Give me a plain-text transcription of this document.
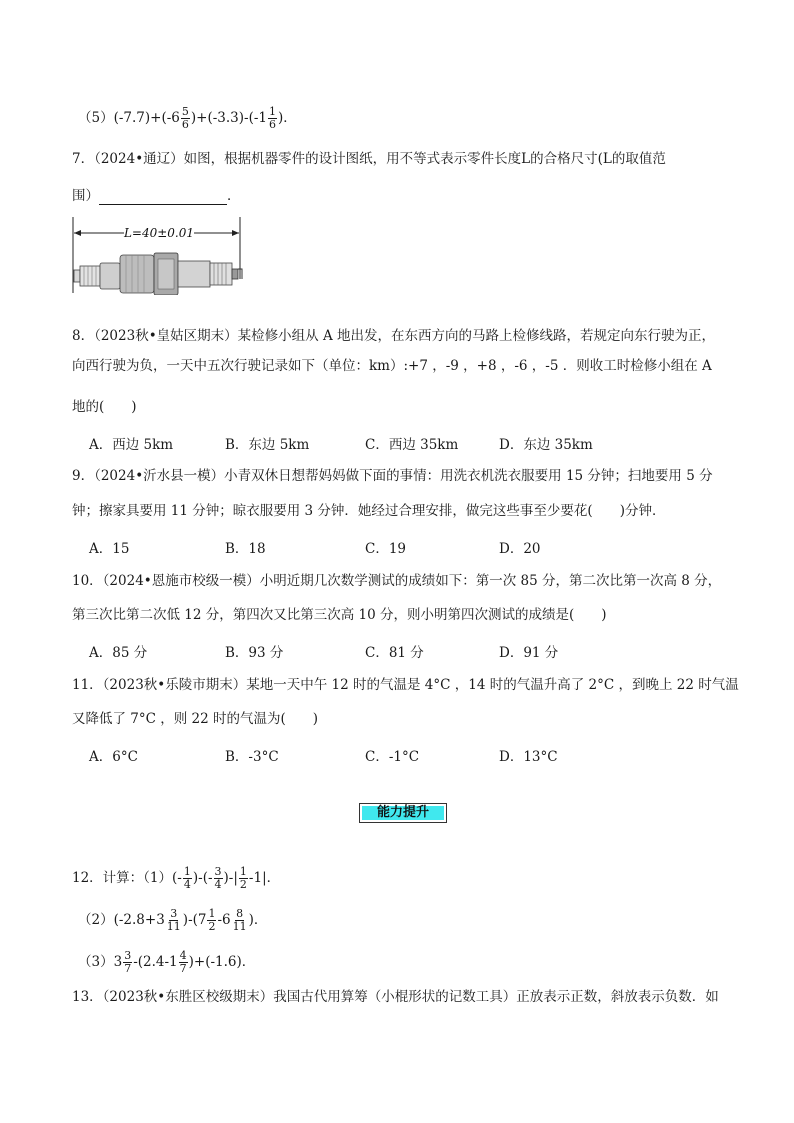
$(5)(-7.7)+(-6 \frac{5}{6} )+(-3.3)-(-1 \frac{1}{6}$ )．
7．（2024•通辽）如图，根据机器零件的设计图纸，用不等式表示零件长度L的合格尺寸(L的取值范
围）	．
L=40±0.01
8．（2023秋•皇姑区期末）某检修小组从 A 地出发，在东西方向的马路上检修线路，若规定向东行驶为正，
向西行驶为负，一天中五次行驶记录如下（单位：km）:+7 ，-9 ，+8 ，-6 ，-5 ．则收工时检修小组在 A
地的(　　)
A．西边 5km	B．东边 5km	C．西边 35km	D．东边 35km
9．（2024•沂水县一模）小青双休日想帮妈妈做下面的事情：用洗衣机洗衣服要用 15 分钟；扫地要用 5 分
钟；擦家具要用 11 分钟；晾衣服要用 3 分钟．她经过合理安排，做完这些事至少要花(　　)分钟．
A．15	B．18	C．19	D．20
10．（2024•恩施市校级一模）小明近期几次数学测试的成绩如下：第一次 85 分，第二次比第一次高 8 分，
第三次比第二次低 12 分，第四次又比第三次高 10 分，则小明第四次测试的成绩是(　　)
A．85 分	B．93 分	C．81 分	D．91 分
11．（2023秋•乐陵市期末）某地一天中午 12 时的气温是 4°C ，14 时的气温升高了 2°C ，到晚上 22 时气温
又降低了 7°C ，则 22 时的气温为(　　)
A．6°C	B．-3°C	C．-1°C	D．13°C
能力提升
12．计算：$(1)(- \frac{1}{4}$ )-(- $\frac{3}{4}$ )-| $\frac{1}{2} -1|$．
$(2)(-2.8+3 \frac{3}{11} )-(7 \frac{1}{2} -6 \frac{8}{11}$ )．
$(3)3 \frac{3}{7} -(2.4-1 \frac{4}{7} )+(-1.6)$．
13．（2023秋•东胜区校级期末）我国古代用算筹（小棍形状的记数工具）正放表示正数，斜放表示负数．如
